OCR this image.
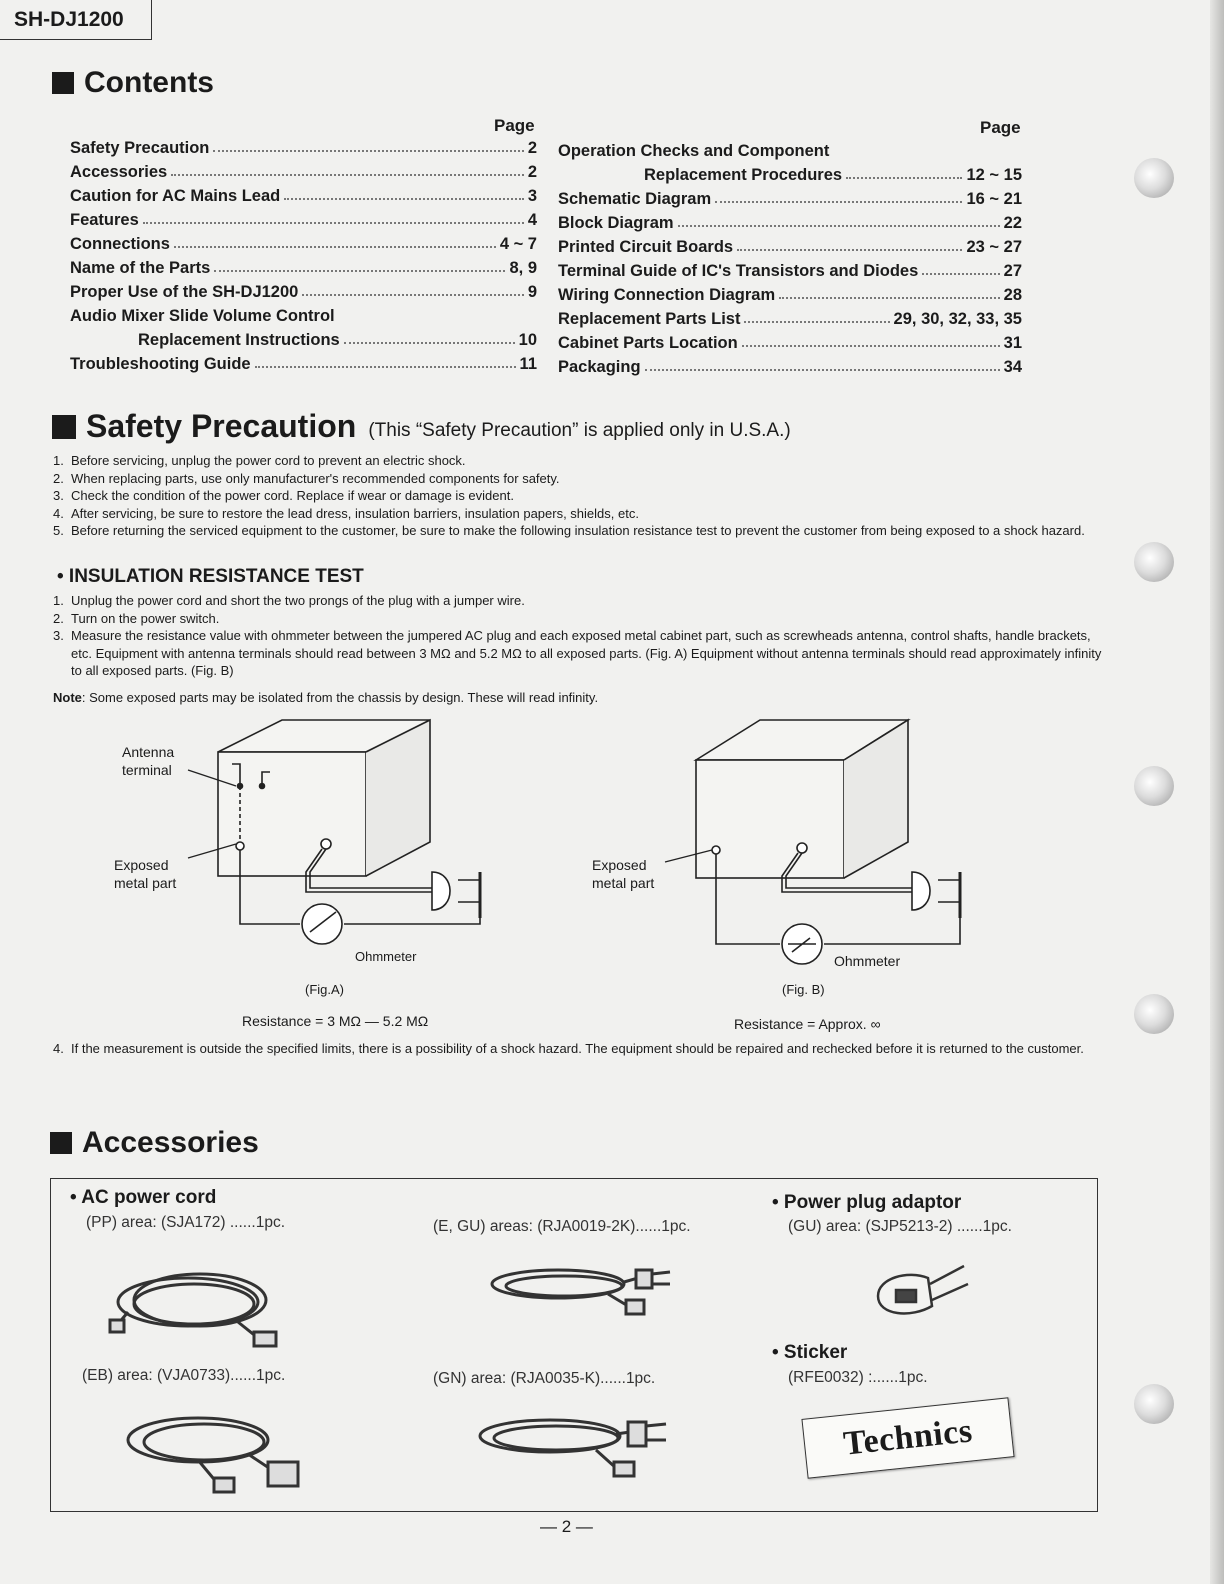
SH-DJ1200
Contents
Page	Page
Safety Precaution	2
Accessories	2
Caution for AC Mains Lead	3
Features	4
Connections	4 ~ 7
Name of the Parts	8, 9
Proper Use of the SH-DJ1200	9
Audio Mixer Slide Volume Control
Replacement Instructions	10
Troubleshooting Guide	11
Operation Checks and Component
Replacement Procedures	12 ~ 15
Schematic Diagram	16 ~ 21
Block Diagram	22
Printed Circuit Boards	23 ~ 27
Terminal Guide of IC's Transistors and Diodes	27
Wiring Connection Diagram	28
Replacement Parts List	29, 30, 32, 33, 35
Cabinet Parts Location	31
Packaging	34
Safety Precaution (This “Safety Precaution” is applied only in U.S.A.)
1. Before servicing, unplug the power cord to prevent an electric shock.
2. When replacing parts, use only manufacturer's recommended components for safety.
3. Check the condition of the power cord. Replace if wear or damage is evident.
4. After servicing, be sure to restore the lead dress, insulation barriers, insulation papers, shields, etc.
5. Before returning the serviced equipment to the customer, be sure to make the following insulation resistance test to prevent the customer from being exposed to a shock hazard.
• INSULATION RESISTANCE TEST
1. Unplug the power cord and short the two prongs of the plug with a jumper wire.
2. Turn on the power switch.
3. Measure the resistance value with ohmmeter between the jumpered AC plug and each exposed metal cabinet part, such as screwheads antenna, control shafts, handle brackets, etc. Equipment with antenna terminals should read between 3 MΩ and 5.2 MΩ to all exposed parts. (Fig. A) Equipment without antenna terminals should read approximately infinity to all exposed parts. (Fig. B)
Note: Some exposed parts may be isolated from the chassis by design. These will read infinity.
Antenna
terminal
Exposed
metal part
Ohmmeter
(Fig.A)
Resistance = 3 MΩ — 5.2 MΩ
Exposed
metal part
Ohmmeter
(Fig. B)
Resistance = Approx. ∞
4. If the measurement is outside the specified limits, there is a possibility of a shock hazard. The equipment should be repaired and rechecked before it is returned to the customer.
Accessories
• AC power cord
(PP) area: (SJA172) ......1pc.	(E, GU) areas: (RJA0019-2K)......1pc.
• Power plug adaptor
(GU) area: (SJP5213-2) ......1pc.
(EB) area: (VJA0733)......1pc.	(GN) area: (RJA0035-K)......1pc.
• Sticker
(RFE0032) :......1pc.
Technics
— 2 —
